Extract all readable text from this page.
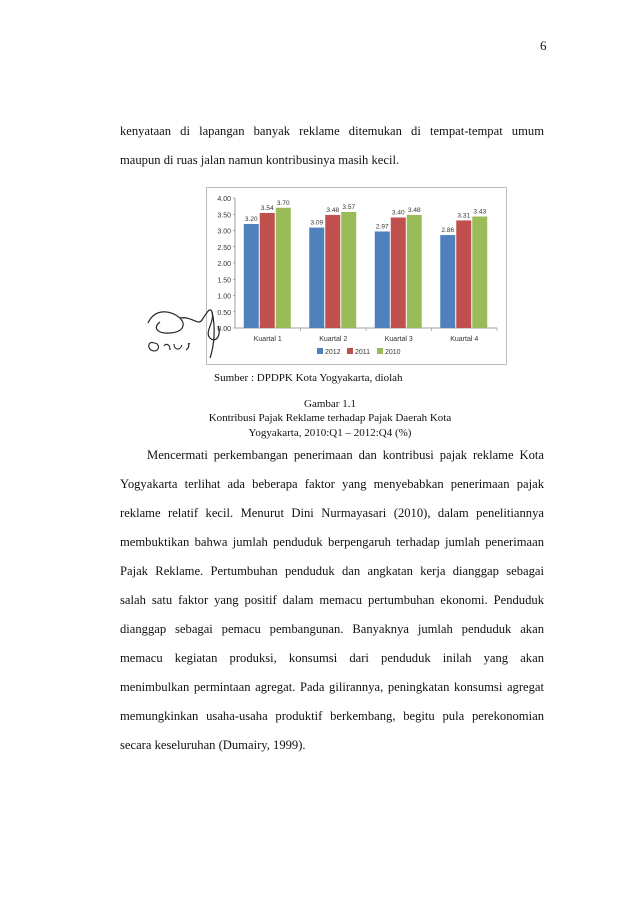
6
kenyataan di lapangan banyak reklame ditemukan di tempat-tempat umum
maupun di ruas jalan namun kontribusinya masih kecil.
0.00
0.50
1.00
1.50
2.00
2.50
3.00
3.50
4.00
3.20
3.54
3.70
Kuartal 1
3.09
3.48 3.57
Kuartal 2
2.97
3.40 3.48
Kuartal 3
2.86
3.31
3.43
Kuartal 4
2012 2011 2010
Sumber : DPDPK Kota Yogyakarta, diolah
Gambar 1.1
Kontribusi Pajak Reklame terhadap Pajak Daerah Kota
Yogyakarta, 2010:Q1 – 2012:Q4 (%)
Mencermati perkembangan penerimaan dan kontribusi pajak reklame Kota
Yogyakarta terlihat ada beberapa faktor yang menyebabkan penerimaan pajak
reklame relatif kecil. Menurut Dini Nurmayasari (2010), dalam penelitiannya
membuktikan bahwa jumlah penduduk berpengaruh terhadap jumlah penerimaan
Pajak Reklame. Pertumbuhan penduduk dan angkatan kerja dianggap sebagai
salah satu faktor yang positif dalam memacu pertumbuhan ekonomi. Penduduk
dianggap sebagai pemacu pembangunan. Banyaknya jumlah penduduk akan
memacu kegiatan produksi, konsumsi dari penduduk inilah yang akan
menimbulkan permintaan agregat. Pada gilirannya, peningkatan konsumsi agregat
memungkinkan usaha-usaha produktif berkembang, begitu pula perekonomian
secara keseluruhan (Dumairy, 1999).
